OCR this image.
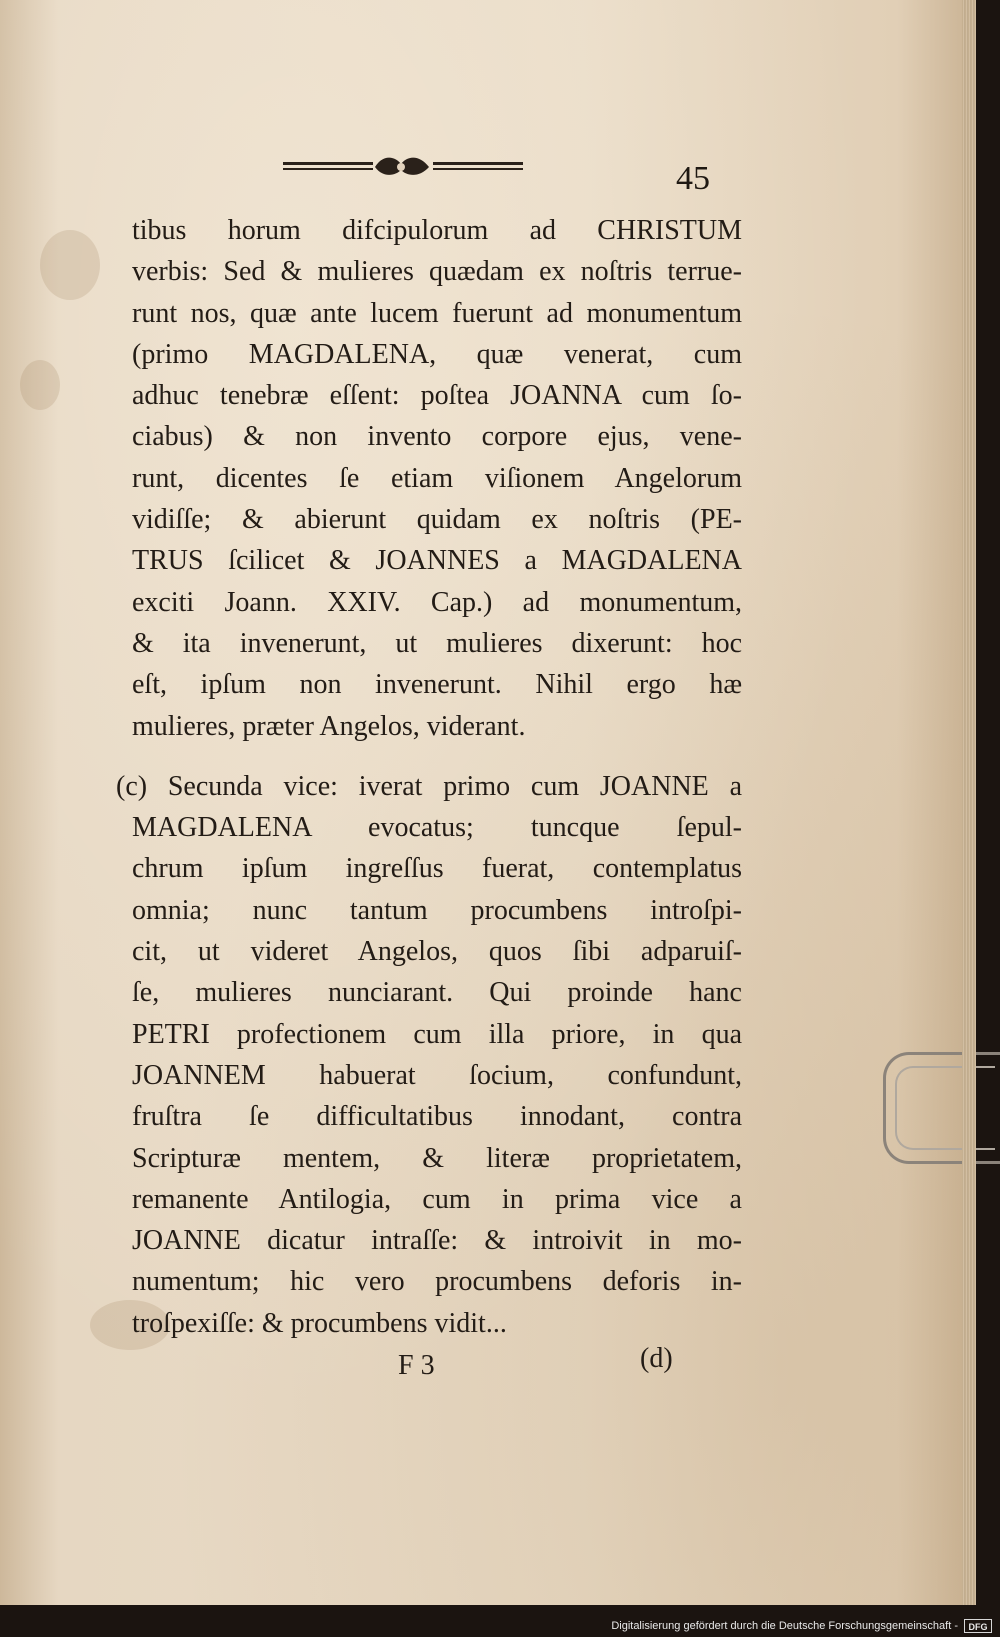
45
tibus horum difcipulorum ad CHRISTUM
verbis: Sed & mulieres quædam ex noſtris terrue-
runt nos, quæ ante lucem fuerunt ad monumentum
(primo MAGDALENA, quæ venerat, cum
adhuc tenebræ eſſent: poſtea JOANNA cum ſo-
ciabus) & non invento corpore ejus, vene-
runt, dicentes ſe etiam viſionem Angelorum
vidiſſe; & abierunt quidam ex noſtris (PE-
TRUS ſcilicet & JOANNES a MAGDALENA
exciti Joann. XXIV. Cap.) ad monumentum,
& ita invenerunt, ut mulieres dixerunt: hoc
eſt, ipſum non invenerunt. Nihil ergo hæ
mulieres, præter Angelos, viderant.
(c) Secunda vice: iverat primo cum JOANNE a
MAGDALENA evocatus; tuncque ſepul-
chrum ipſum ingreſſus fuerat, contemplatus
omnia; nunc tantum procumbens introſpi-
cit, ut videret Angelos, quos ſibi adparuiſ-
ſe, mulieres nunciarant. Qui proinde hanc
PETRI profectionem cum illa priore, in qua
JOANNEM habuerat ſocium, confundunt,
fruſtra ſe difficultatibus innodant, contra
Scripturæ mentem, & literæ proprietatem,
remanente Antilogia, cum in prima vice a
JOANNE dicatur intraſſe: & introivit in mo-
numentum; hic vero procumbens deforis in-
troſpexiſſe: & procumbens vidit...
F 3	(d)
Digitalisierung gefördert durch die Deutsche Forschungsgemeinschaft -	DFG
